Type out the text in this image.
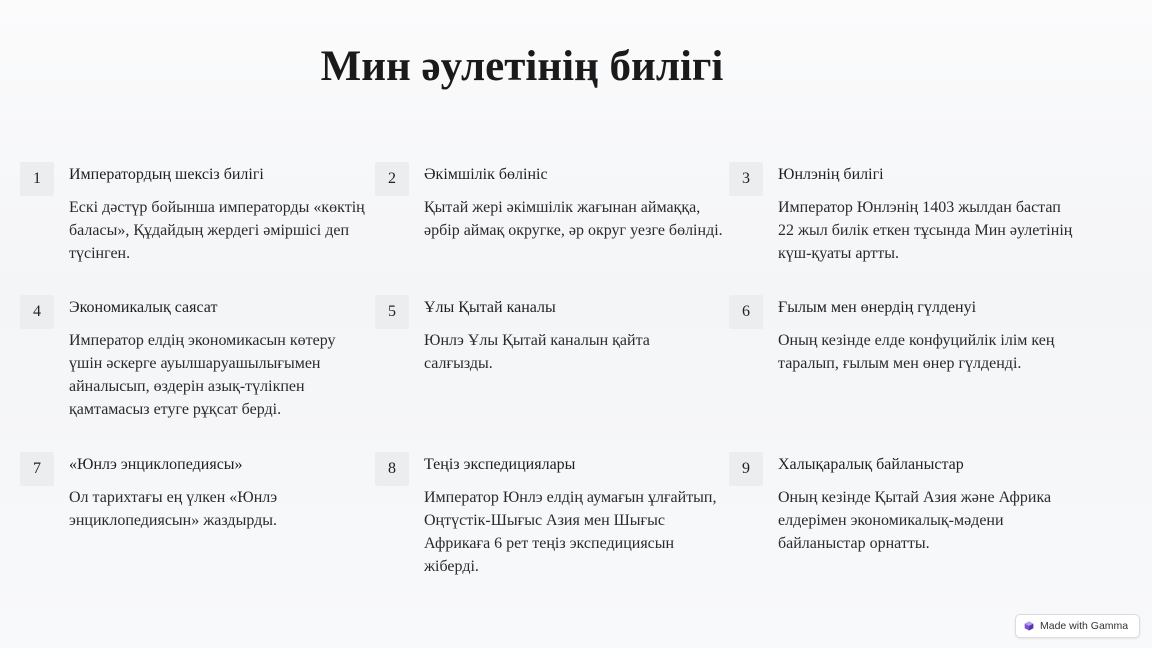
Мин әулетінің билігі
1	Императордың шексіз билігі
Ескі дәстүр бойынша императорды «көктің баласы», Құдайдың жердегі әміршісі деп түсінген.
2	Әкімшілік бөлініс
Қытай жері әкімшілік жағынан аймаққа, әрбір аймақ округке, әр округ уезге бөлінді.
3	Юнлэнің билігі
Император Юнлэнің 1403 жылдан бастап 22 жыл билік еткен тұсында Мин әулетінің күш-қуаты артты.
4	Экономикалық саясат
Император елдің экономикасын көтеру үшін әскерге ауылшаруашылығымен айналысып, өздерін азық-түлікпен қамтамасыз етуге рұқсат берді.
5	Ұлы Қытай каналы
Юнлэ Ұлы Қытай каналын қайта салғызды.
6	Ғылым мен өнердің гүлденуі
Оның кезінде елде конфуцийлік ілім кең таралып, ғылым мен өнер гүлденді.
7	«Юнлэ энциклопедиясы»
Ол тарихтағы ең үлкен «Юнлэ энциклопедиясын» жаздырды.
8	Теңіз экспедициялары
Император Юнлэ елдің аумағын ұлғайтып, Оңтүстік-Шығыс Азия мен Шығыс Африкаға 6 рет теңіз экспедициясын жіберді.
9	Халықаралық байланыстар
Оның кезінде Қытай Азия және Африка елдерімен экономикалық-мәдени байланыстар орнатты.
Made with Gamma
